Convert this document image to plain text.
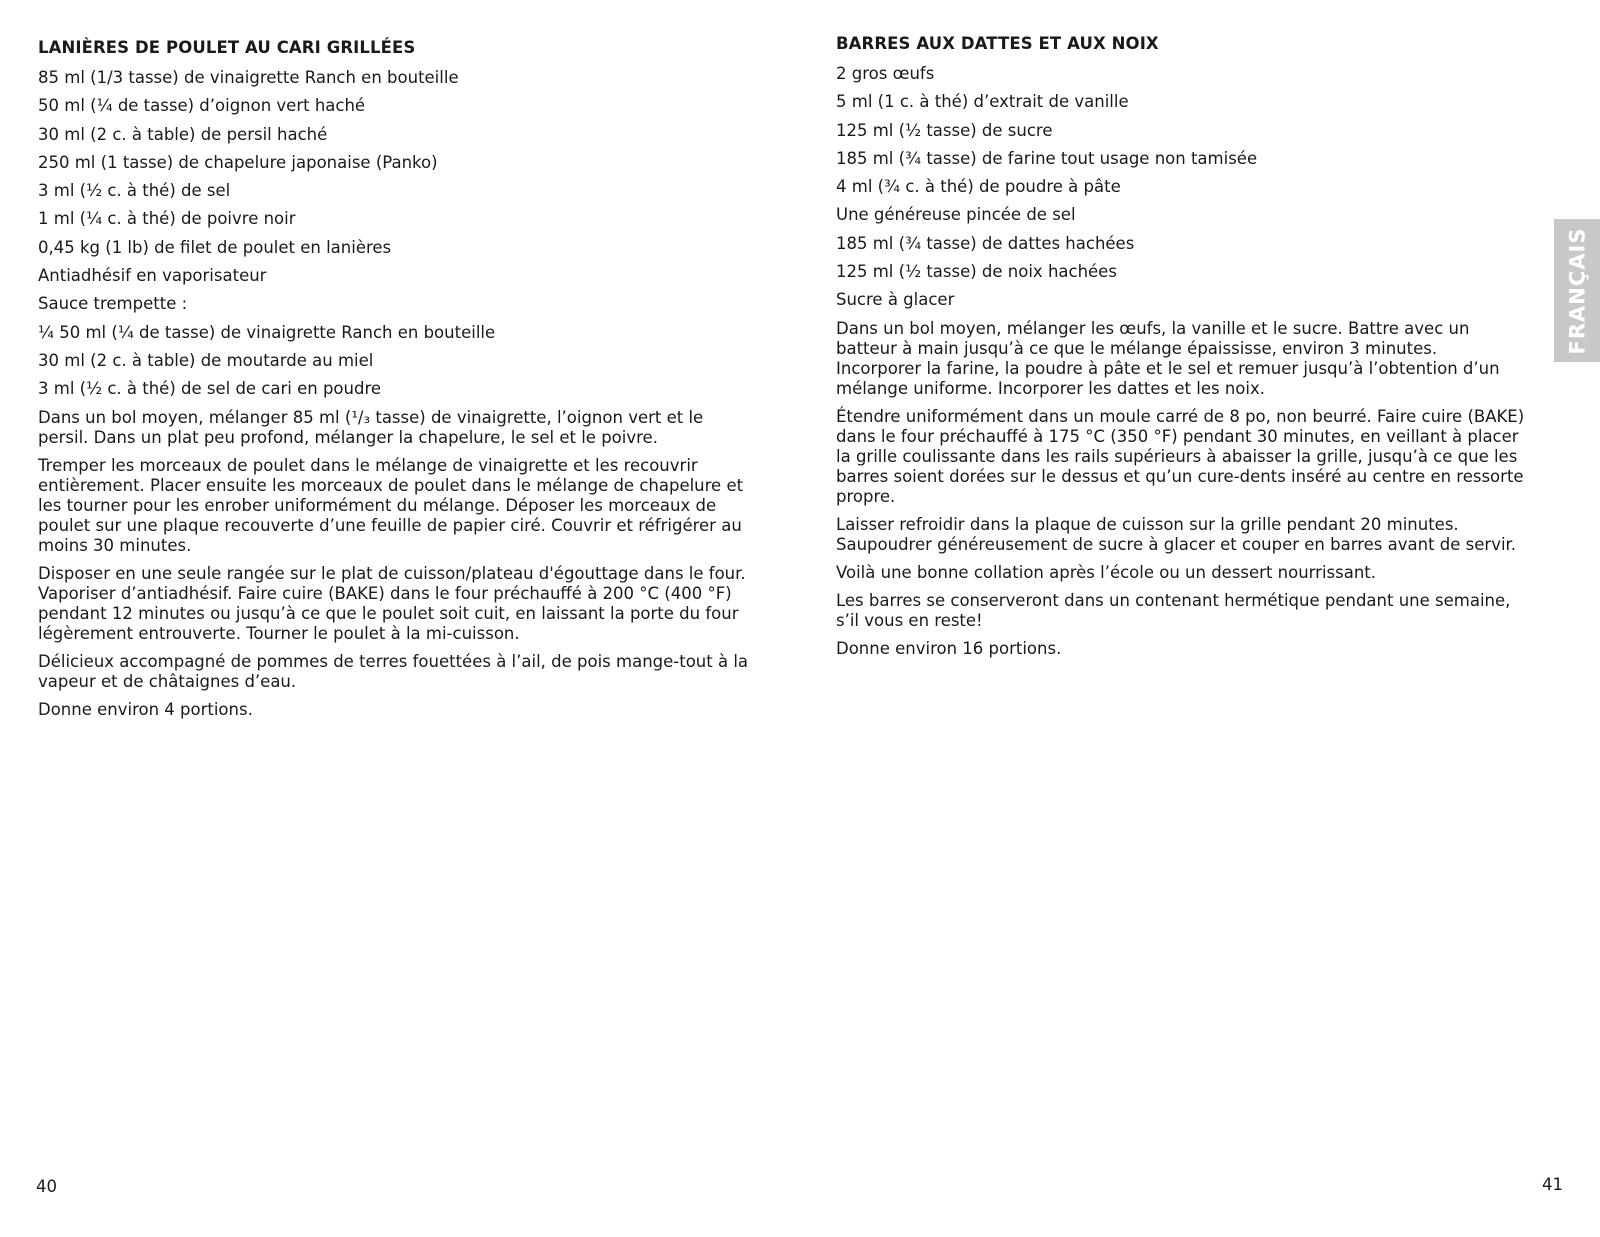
LANIÈRES DE POULET AU CARI GRILLÉES
85 ml (1/3 tasse) de vinaigrette Ranch en bouteille
50 ml (¼ de tasse) d’oignon vert haché
30 ml (2 c. à table) de persil haché
250 ml (1 tasse) de chapelure japonaise (Panko)
3 ml (½ c. à thé) de sel
1 ml (¼ c. à thé) de poivre noir
0,45 kg (1 lb) de filet de poulet en lanières
Antiadhésif en vaporisateur
Sauce trempette :
¼ 50 ml (¼ de tasse) de vinaigrette Ranch en bouteille
30 ml (2 c. à table) de moutarde au miel
3 ml (½ c. à thé) de sel de cari en poudre

Dans un bol moyen, mélanger 85 ml (¹/₃ tasse) de vinaigrette, l’oignon vert et le persil. Dans un plat peu profond, mélanger la chapelure, le sel et le poivre.

Tremper les morceaux de poulet dans le mélange de vinaigrette et les recouvrir entièrement. Placer ensuite les morceaux de poulet dans le mélange de chapelure et les tourner pour les enrober uniformément du mélange. Déposer les morceaux de poulet sur une plaque recouverte d’une feuille de papier ciré. Couvrir et réfrigérer au moins 30 minutes.

Disposer en une seule rangée sur le plat de cuisson/plateau d'égouttage dans le four. Vaporiser d’antiadhésif. Faire cuire (BAKE) dans le four préchauffé à 200 °C (400 °F) pendant 12 minutes ou jusqu’à ce que le poulet soit cuit, en laissant la porte du four légèrement entrouverte. Tourner le poulet à la mi-cuisson.

Délicieux accompagné de pommes de terres fouettées à l’ail, de pois mange-tout à la vapeur et de châtaignes d’eau.

Donne environ 4 portions.

BARRES AUX DATTES ET AUX NOIX
2 gros œufs
5 ml (1 c. à thé) d’extrait de vanille
125 ml (½ tasse) de sucre
185 ml (¾ tasse) de farine tout usage non tamisée
4 ml (¾ c. à thé) de poudre à pâte
Une généreuse pincée de sel
185 ml (¾ tasse) de dattes hachées
125 ml (½ tasse) de noix hachées
Sucre à glacer

Dans un bol moyen, mélanger les œufs, la vanille et le sucre. Battre avec un batteur à main jusqu’à ce que le mélange épaississe, environ 3 minutes. Incorporer la farine, la poudre à pâte et le sel et remuer jusqu’à l’obtention d’un mélange uniforme. Incorporer les dattes et les noix.

Étendre uniformément dans un moule carré de 8 po, non beurré. Faire cuire (BAKE) dans le four préchauffé à 175 °C (350 °F) pendant 30 minutes, en veillant à placer la grille coulissante dans les rails supérieurs à abaisser la grille, jusqu’à ce que les barres soient dorées sur le dessus et qu’un cure-dents inséré au centre en ressorte propre.

Laisser refroidir dans la plaque de cuisson sur la grille pendant 20 minutes. Saupoudrer généreusement de sucre à glacer et couper en barres avant de servir.

Voilà une bonne collation après l’école ou un dessert nourrissant.

Les barres se conserveront dans un contenant hermétique pendant une semaine, s’il vous en reste!

Donne environ 16 portions.

40	41
FRANÇAIS
